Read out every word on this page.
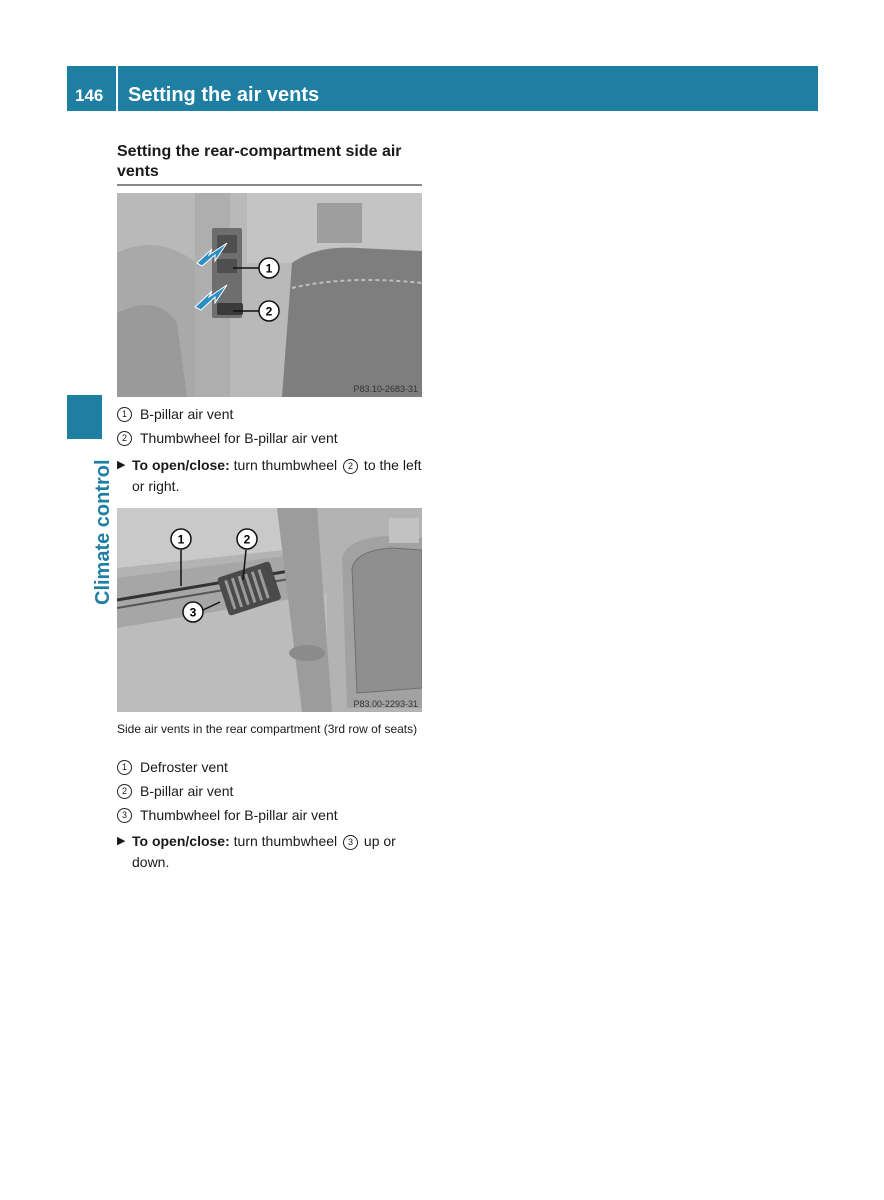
146 Setting the air vents
Climate control
Setting the rear-compartment side air vents
1
2
P83.10-2683-31
1 B-pillar air vent
2 Thumbwheel for B-pillar air vent
▶ To open/close: turn thumbwheel 2 to the left or right.
1	2
3
P83.00-2293-31
Side air vents in the rear compartment (3rd row of seats)
1 Defroster vent
2 B-pillar air vent
3 Thumbwheel for B-pillar air vent
▶ To open/close: turn thumbwheel 3 up or down.
